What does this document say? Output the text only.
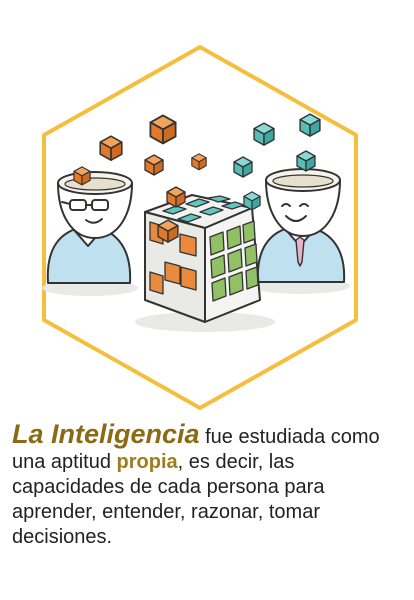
La Inteligencia fue estudiada como una aptitud propia, es decir, las capacidades de cada persona para aprender, entender, razonar, tomar decisiones.
